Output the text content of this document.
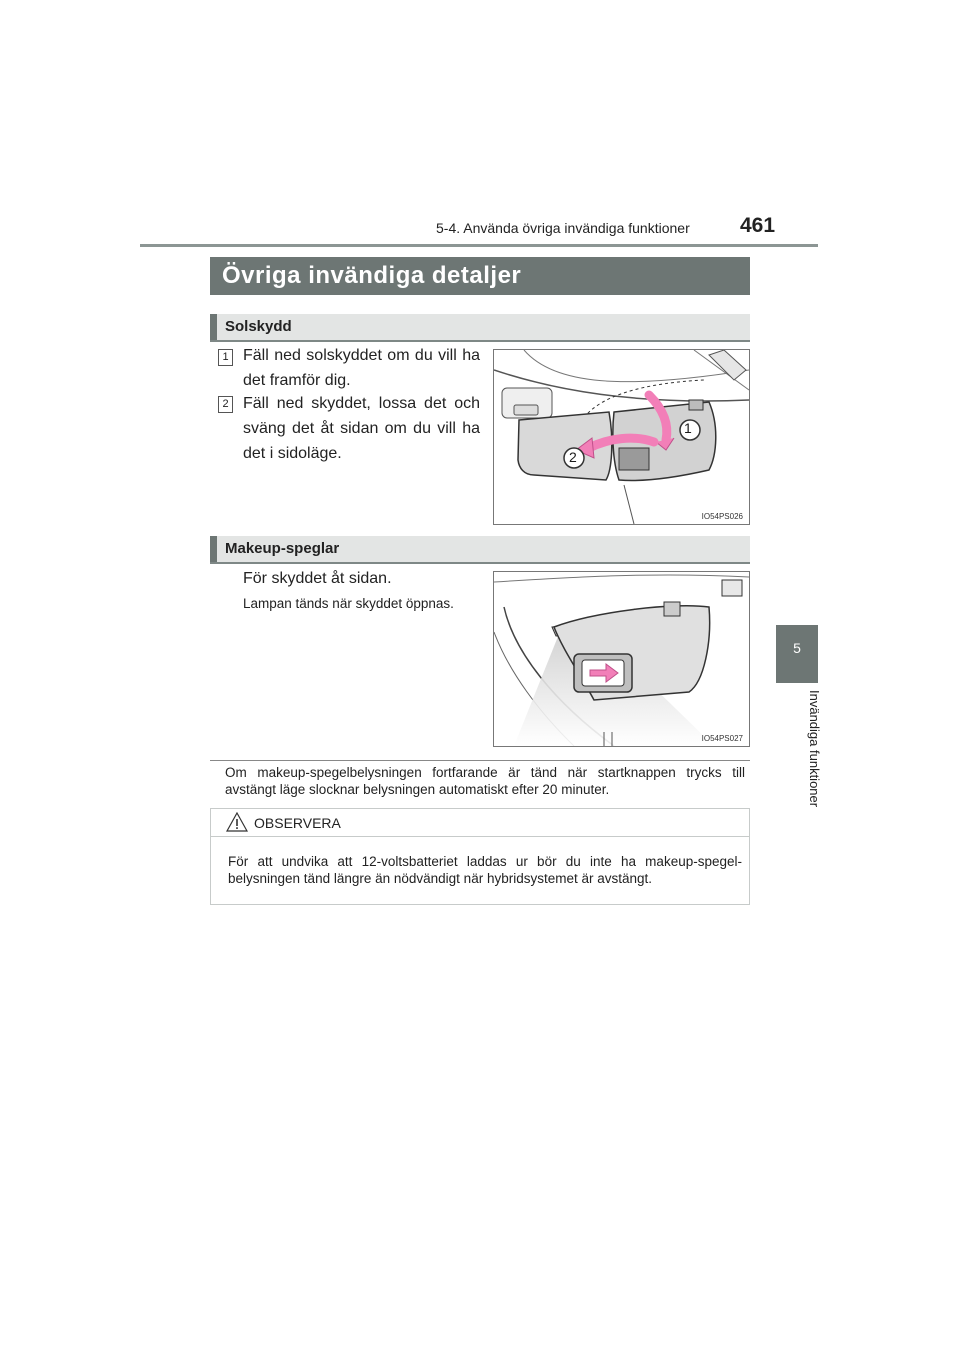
5-4. Använda övriga invändiga funktioner 461
5
Invändiga funktioner
Övriga invändiga detaljer
Solskydd
1 Fäll ned solskyddet om du vill ha det framför dig.
2 Fäll ned skyddet, lossa det och sväng det åt sidan om du vill ha det i sidoläge.
1
2
IO54PS026
Makeup-speglar
För skyddet åt sidan.
Lampan tänds när skyddet öppnas.
IO54PS027
Om makeup-spegelbelysningen fortfarande är tänd när startknappen trycks till avstängt läge slocknar belysningen automatiskt efter 20 minuter.
OBSERVERA
För att undvika att 12-voltsbatteriet laddas ur bör du inte ha makeup-spegel-belysningen tänd längre än nödvändigt när hybridsystemet är avstängt.
